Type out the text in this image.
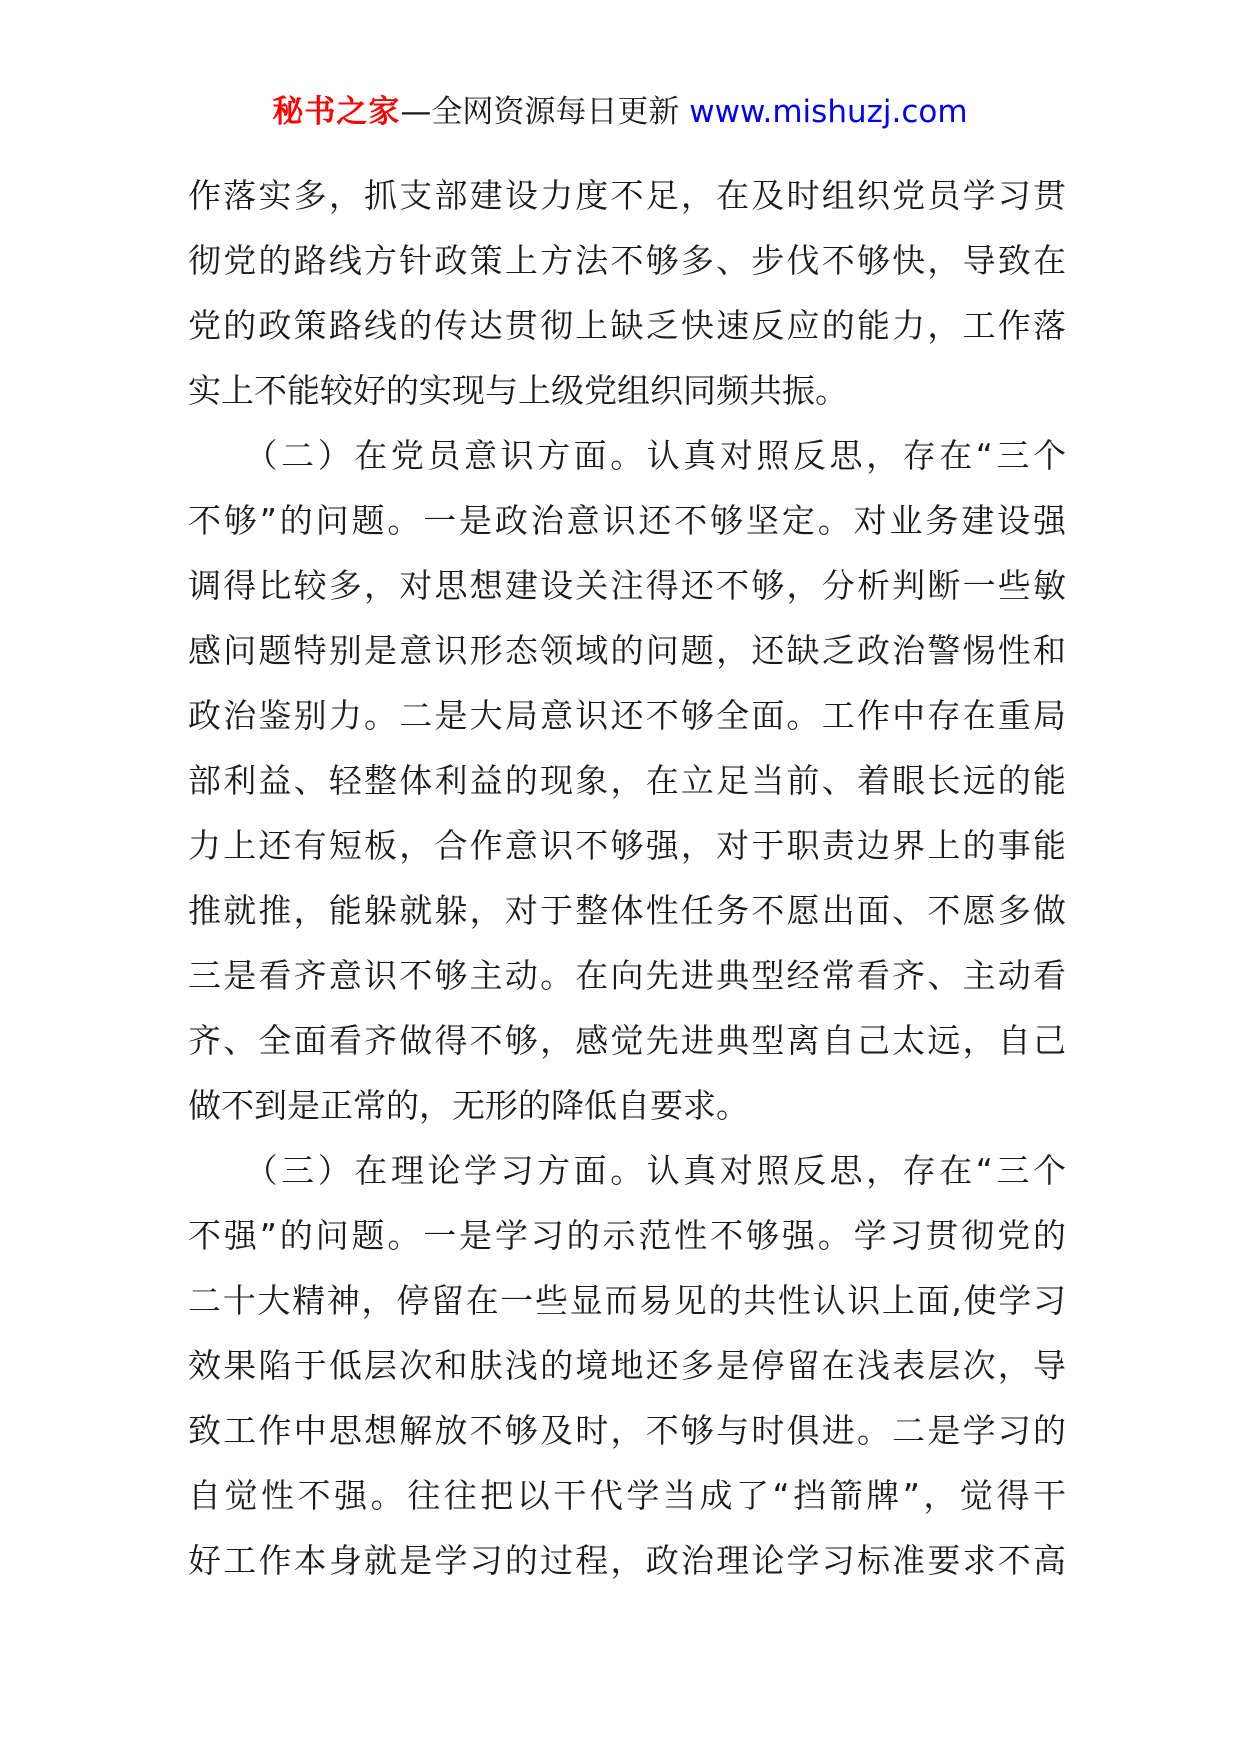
秘书之家—全网资源每日更新 www.mishuzj.com
作落实多，抓支部建设力度不足，在及时组织党员学习贯
彻党的路线方针政策上方法不够多、步伐不够快，导致在
党的政策路线的传达贯彻上缺乏快速反应的能力，工作落
实上不能较好的实现与上级党组织同频共振。
　　（二）在党员意识方面。认真对照反思，存在“三个
不够”的问题。一是政治意识还不够坚定。对业务建设强
调得比较多，对思想建设关注得还不够，分析判断一些敏
感问题特别是意识形态领域的问题，还缺乏政治警惕性和
政治鉴别力。二是大局意识还不够全面。工作中存在重局
部利益、轻整体利益的现象，在立足当前、着眼长远的能
力上还有短板，合作意识不够强，对于职责边界上的事能
推就推，能躲就躲，对于整体性任务不愿出面、不愿多做
三是看齐意识不够主动。在向先进典型经常看齐、主动看
齐、全面看齐做得不够，感觉先进典型离自己太远，自己
做不到是正常的，无形的降低自要求。
　　（三）在理论学习方面。认真对照反思，存在“三个
不强”的问题。一是学习的示范性不够强。学习贯彻党的
二十大精神，停留在一些显而易见的共性认识上面,使学习
效果陷于低层次和肤浅的境地还多是停留在浅表层次，导
致工作中思想解放不够及时，不够与时俱进。二是学习的
自觉性不强。往往把以干代学当成了“挡箭牌”，觉得干
好工作本身就是学习的过程，政治理论学习标准要求不高
